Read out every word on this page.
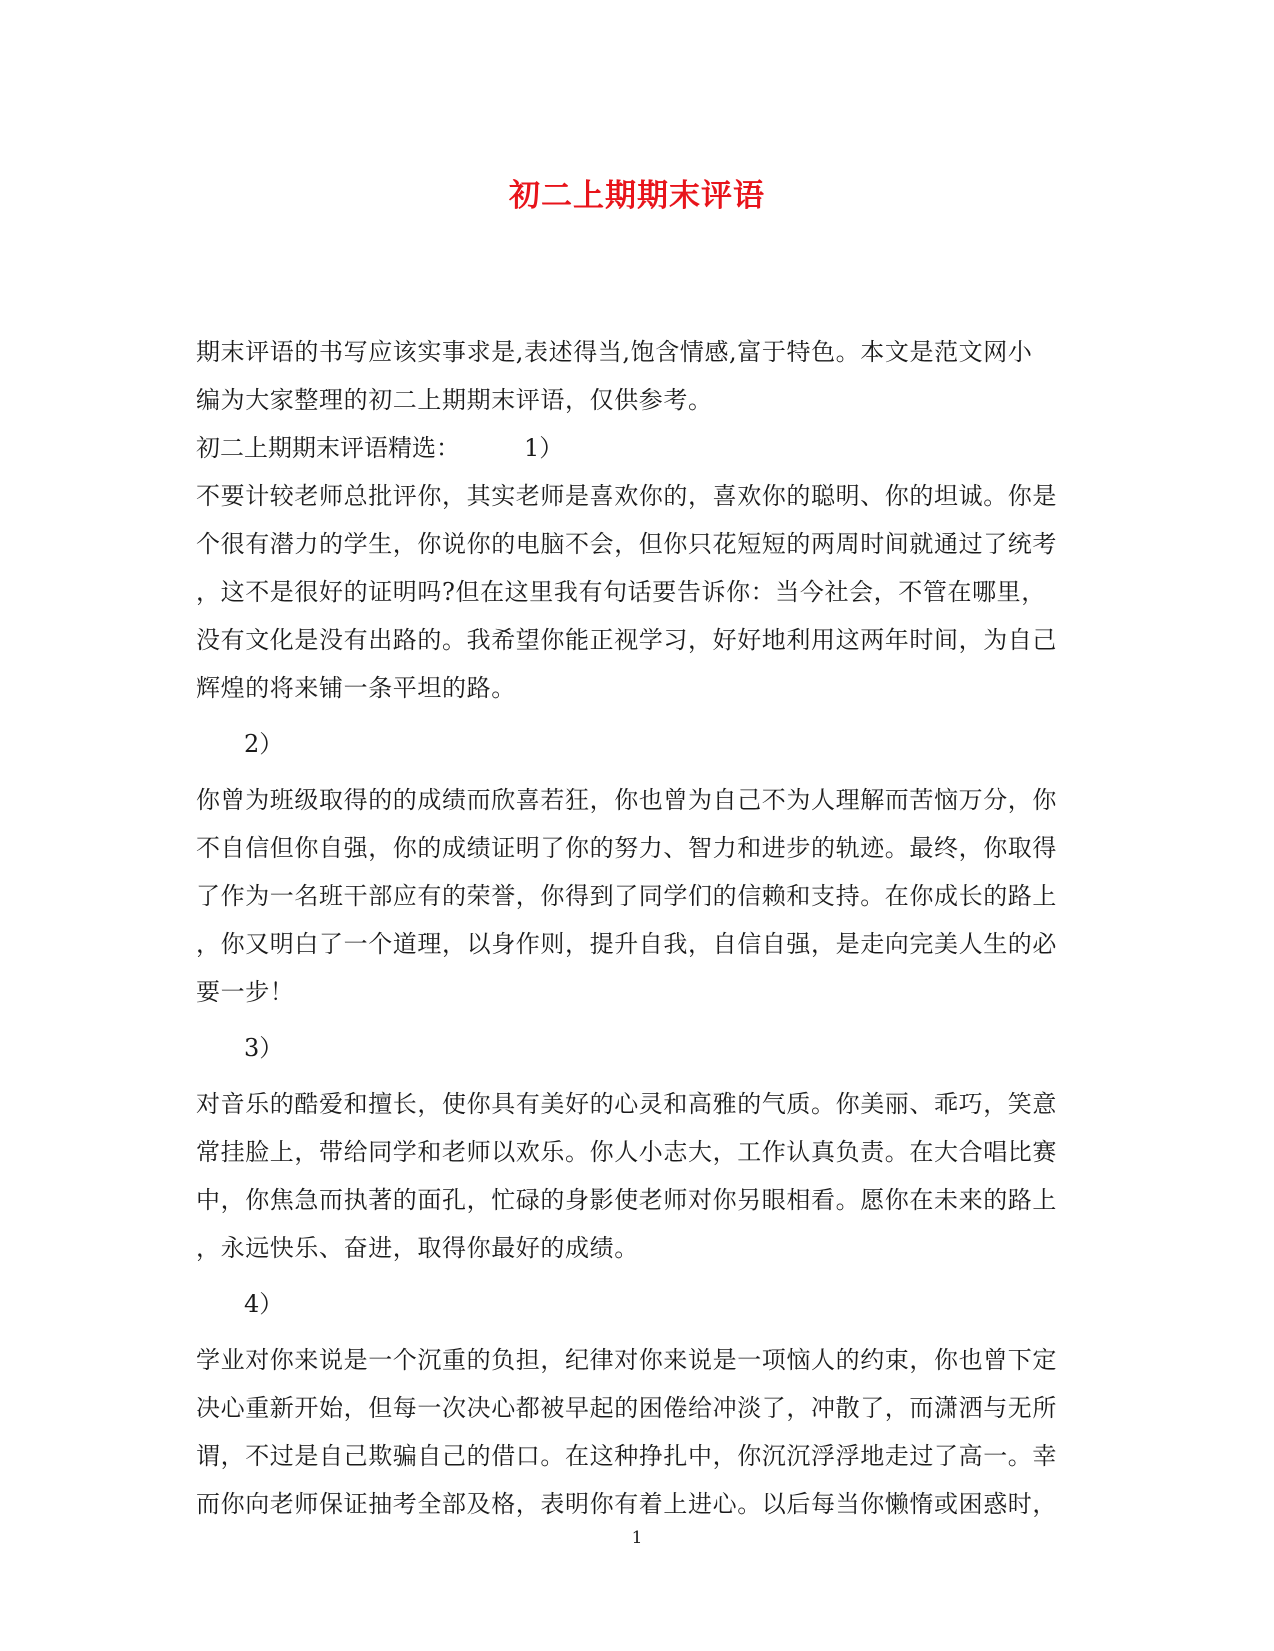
初二上期期末评语
期末评语的书写应该实事求是,表述得当,饱含情感,富于特色。本文是范文网小
编为大家整理的初二上期期末评语，仅供参考。
初二上期期末评语精选：	1）
不要计较老师总批评你，其实老师是喜欢你的，喜欢你的聪明、你的坦诚。你是
个很有潜力的学生，你说你的电脑不会，但你只花短短的两周时间就通过了统考
，这不是很好的证明吗?但在这里我有句话要告诉你：当今社会，不管在哪里，
没有文化是没有出路的。我希望你能正视学习，好好地利用这两年时间，为自己
辉煌的将来铺一条平坦的路。
2）
你曾为班级取得的的成绩而欣喜若狂，你也曾为自己不为人理解而苦恼万分，你
不自信但你自强，你的成绩证明了你的努力、智力和进步的轨迹。最终，你取得
了作为一名班干部应有的荣誉，你得到了同学们的信赖和支持。在你成长的路上
，你又明白了一个道理，以身作则，提升自我，自信自强，是走向完美人生的必
要一步！
3）
对音乐的酷爱和擅长，使你具有美好的心灵和高雅的气质。你美丽、乖巧，笑意
常挂脸上，带给同学和老师以欢乐。你人小志大，工作认真负责。在大合唱比赛
中，你焦急而执著的面孔，忙碌的身影使老师对你另眼相看。愿你在未来的路上
，永远快乐、奋进，取得你最好的成绩。
4）
学业对你来说是一个沉重的负担，纪律对你来说是一项恼人的约束，你也曾下定
决心重新开始，但每一次决心都被早起的困倦给冲淡了，冲散了，而潇洒与无所
谓，不过是自己欺骗自己的借口。在这种挣扎中，你沉沉浮浮地走过了高一。幸
而你向老师保证抽考全部及格，表明你有着上进心。以后每当你懒惰或困惑时，
1
